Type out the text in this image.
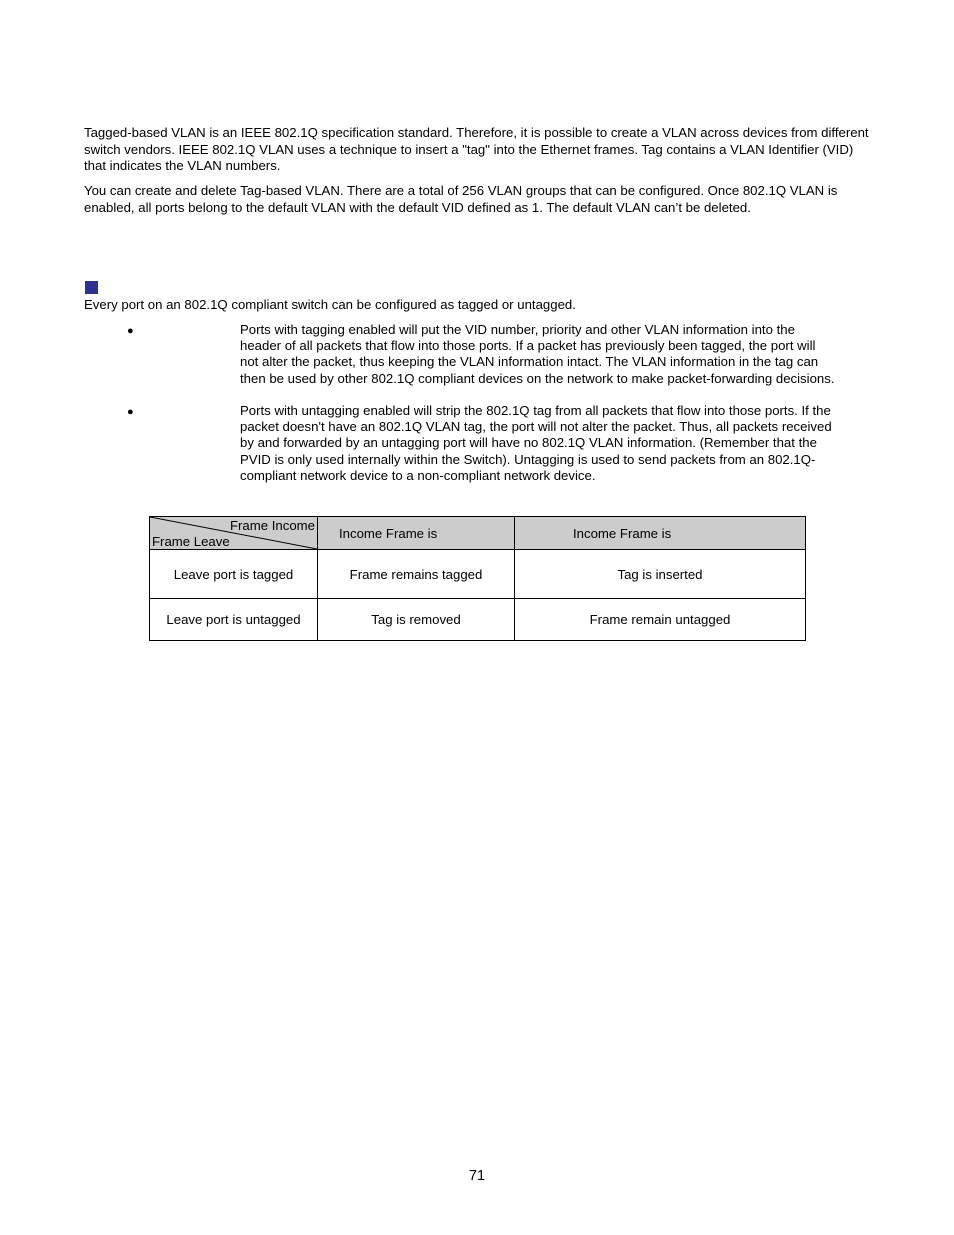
Tagged-based VLAN is an IEEE 802.1Q specification standard. Therefore, it is possible to create a VLAN across devices from different switch vendors. IEEE 802.1Q VLAN uses a technique to insert a "tag" into the Ethernet frames. Tag contains a VLAN Identifier (VID) that indicates the VLAN numbers.

You can create and delete Tag-based VLAN. There are a total of 256 VLAN groups that can be configured. Once 802.1Q VLAN is enabled, all ports belong to the default VLAN with the default VID defined as 1. The default VLAN can’t be deleted.

Every port on an 802.1Q compliant switch can be configured as tagged or untagged.

●	Ports with tagging enabled will put the VID number, priority and other VLAN information into the header of all packets that flow into those ports. If a packet has previously been tagged, the port will not alter the packet, thus keeping the VLAN information intact. The VLAN information in the tag can then be used by other 802.1Q compliant devices on the network to make packet-forwarding decisions.

●	Ports with untagging enabled will strip the 802.1Q tag from all packets that flow into those ports. If the packet doesn't have an 802.1Q VLAN tag, the port will not alter the packet. Thus, all packets received by and forwarded by an untagging port will have no 802.1Q VLAN information. (Remember that the PVID is only used internally within the Switch). Untagging is used to send packets from an 802.1Q-compliant network device to a non-compliant network device.

Frame Income
Frame Leave	Income Frame is	Income Frame is

Leave port is tagged	Frame remains tagged	Tag is inserted
Leave port is untagged	Tag is removed	Frame remain untagged
71
